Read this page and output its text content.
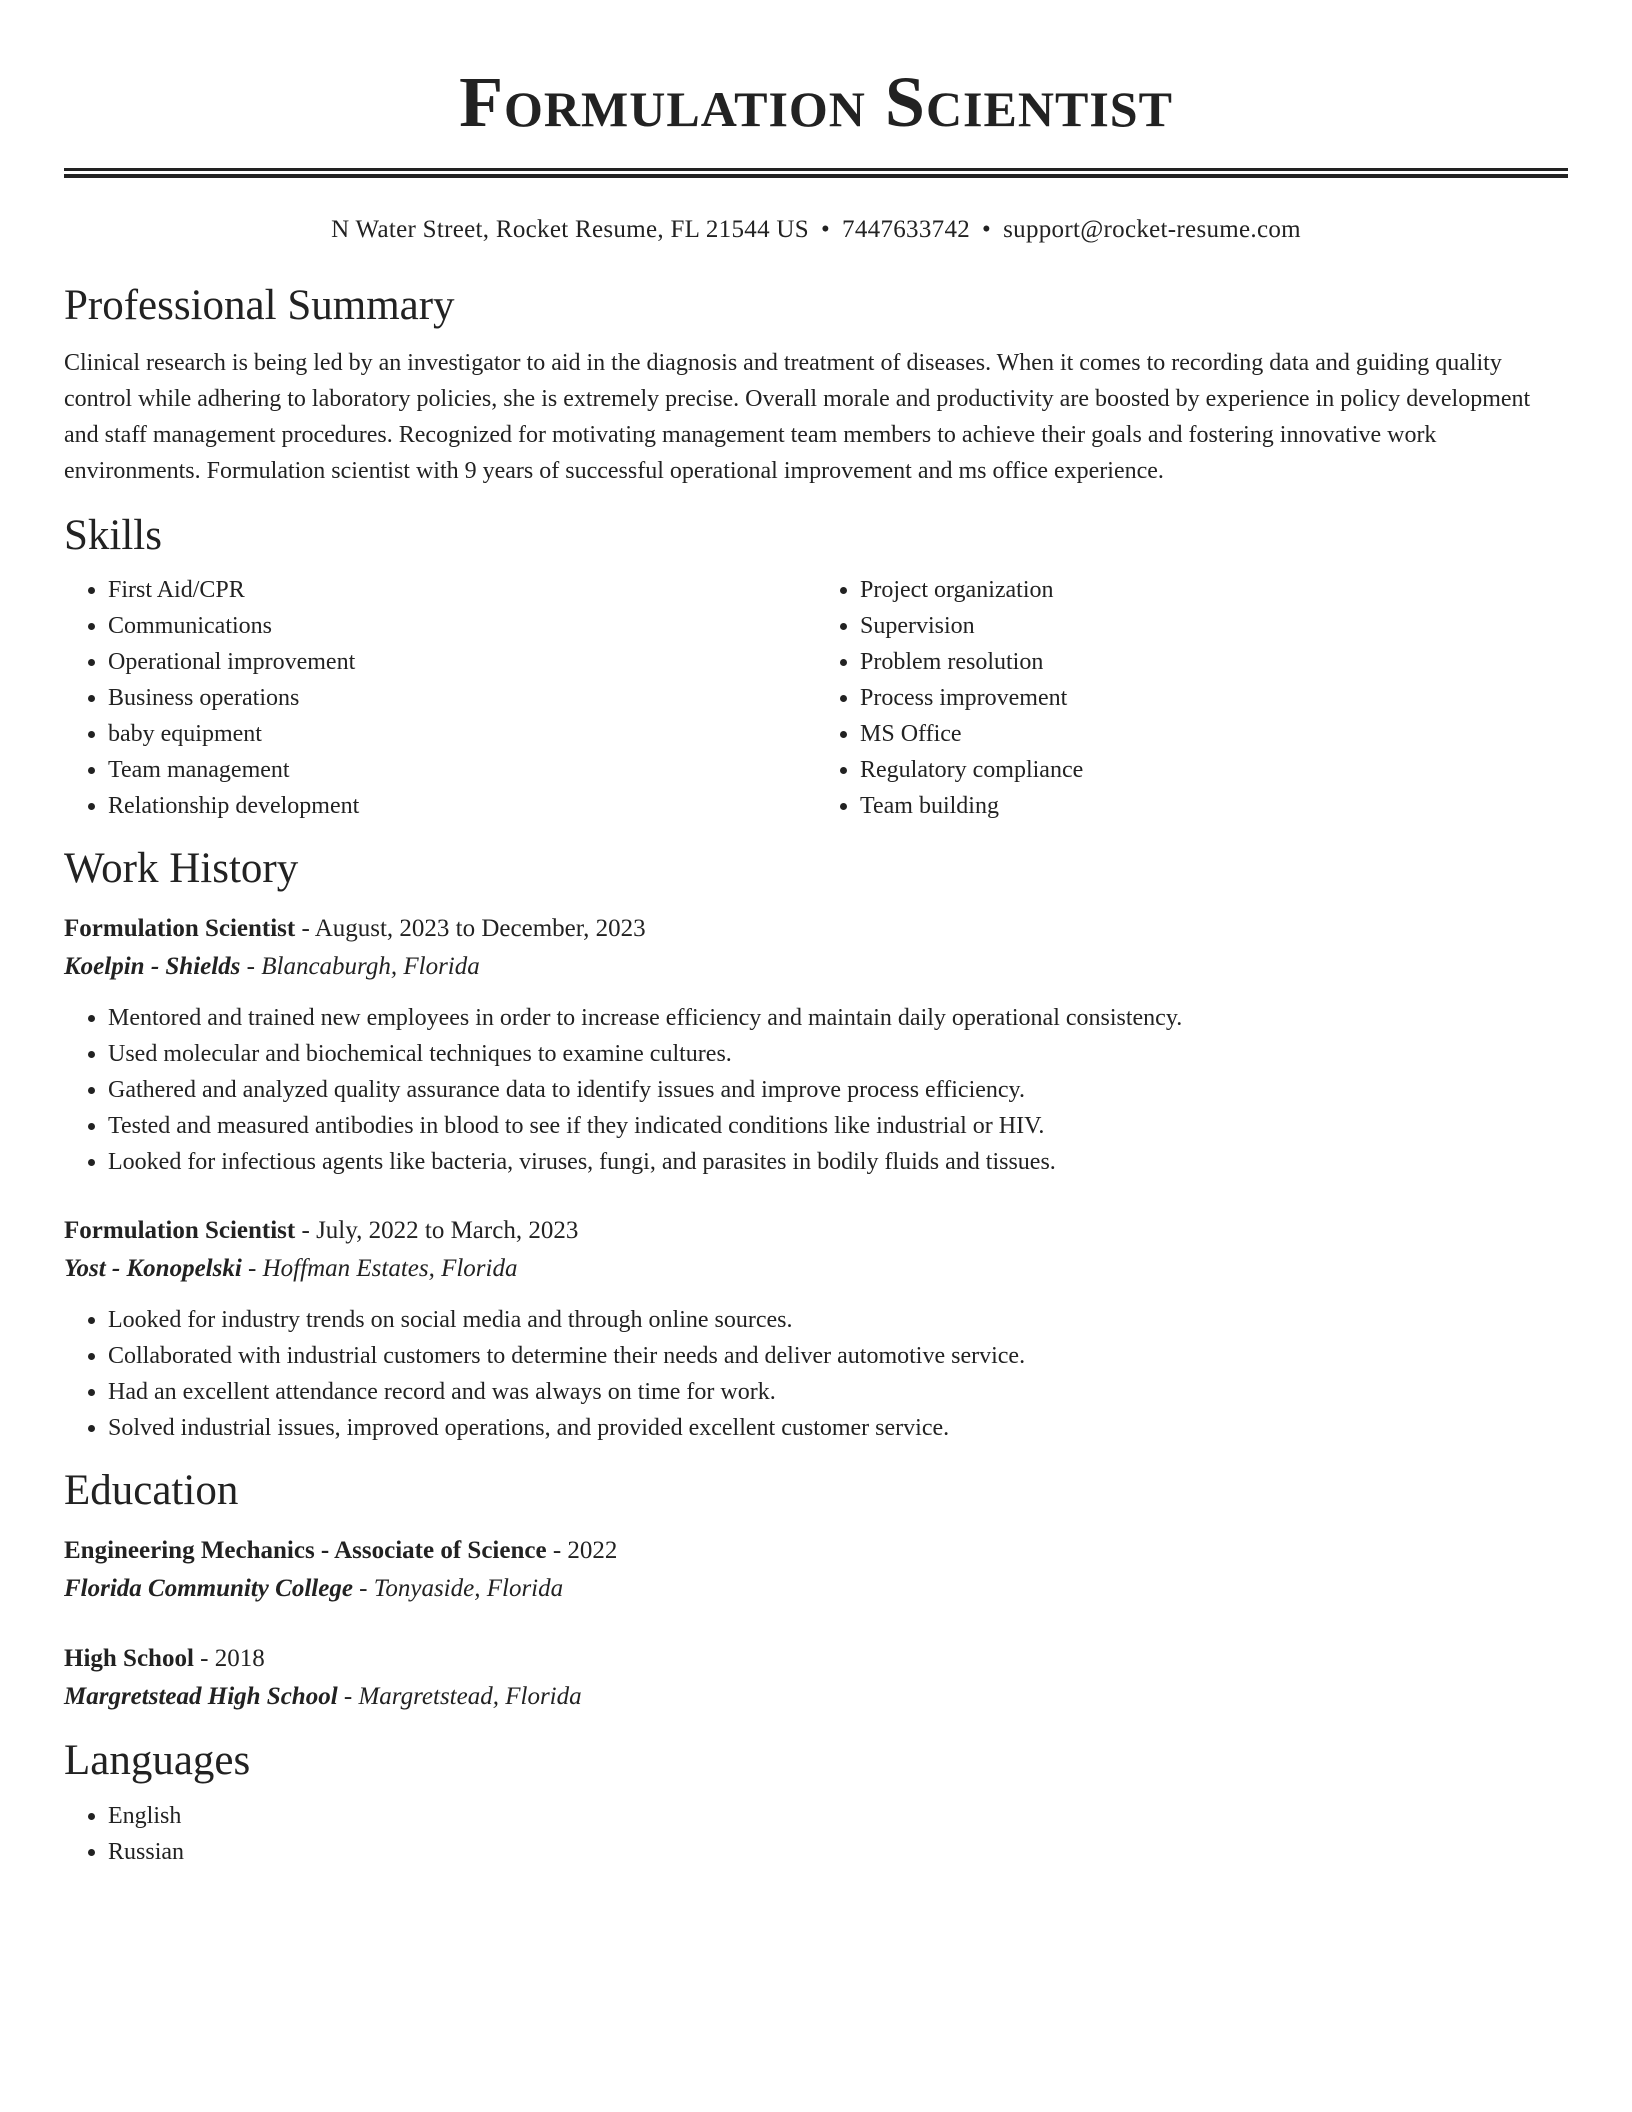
Formulation Scientist
N Water Street, Rocket Resume, FL 21544 US • 7447633742 • support@rocket-resume.com
Professional Summary

Clinical research is being led by an investigator to aid in the diagnosis and treatment of diseases. When it comes to recording data and guiding quality control while adhering to laboratory policies, she is extremely precise. Overall morale and productivity are boosted by experience in policy development and staff management procedures. Recognized for motivating management team members to achieve their goals and fostering innovative work environments. Formulation scientist with 9 years of successful operational improvement and ms office experience.

Skills
• First Aid/CPR
• Communications
• Operational improvement
• Business operations
• baby equipment
• Team management
• Relationship development
• Project organization
• Supervision
• Problem resolution
• Process improvement
• MS Office
• Regulatory compliance
• Team building
Work History

Formulation Scientist - August, 2023 to December, 2023

Koelpin - Shields - Blancaburgh, Florida

• Mentored and trained new employees in order to increase efficiency and maintain daily operational consistency.
• Used molecular and biochemical techniques to examine cultures.
• Gathered and analyzed quality assurance data to identify issues and improve process efficiency.
• Tested and measured antibodies in blood to see if they indicated conditions like industrial or HIV.
• Looked for infectious agents like bacteria, viruses, fungi, and parasites in bodily fluids and tissues.

Formulation Scientist - July, 2022 to March, 2023

Yost - Konopelski - Hoffman Estates, Florida

• Looked for industry trends on social media and through online sources.
• Collaborated with industrial customers to determine their needs and deliver automotive service.
• Had an excellent attendance record and was always on time for work.
• Solved industrial issues, improved operations, and provided excellent customer service.
Education

Engineering Mechanics - Associate of Science - 2022

Florida Community College - Tonyaside, Florida

High School - 2018

Margretstead High School - Margretstead, Florida

Languages
• English
• Russian
